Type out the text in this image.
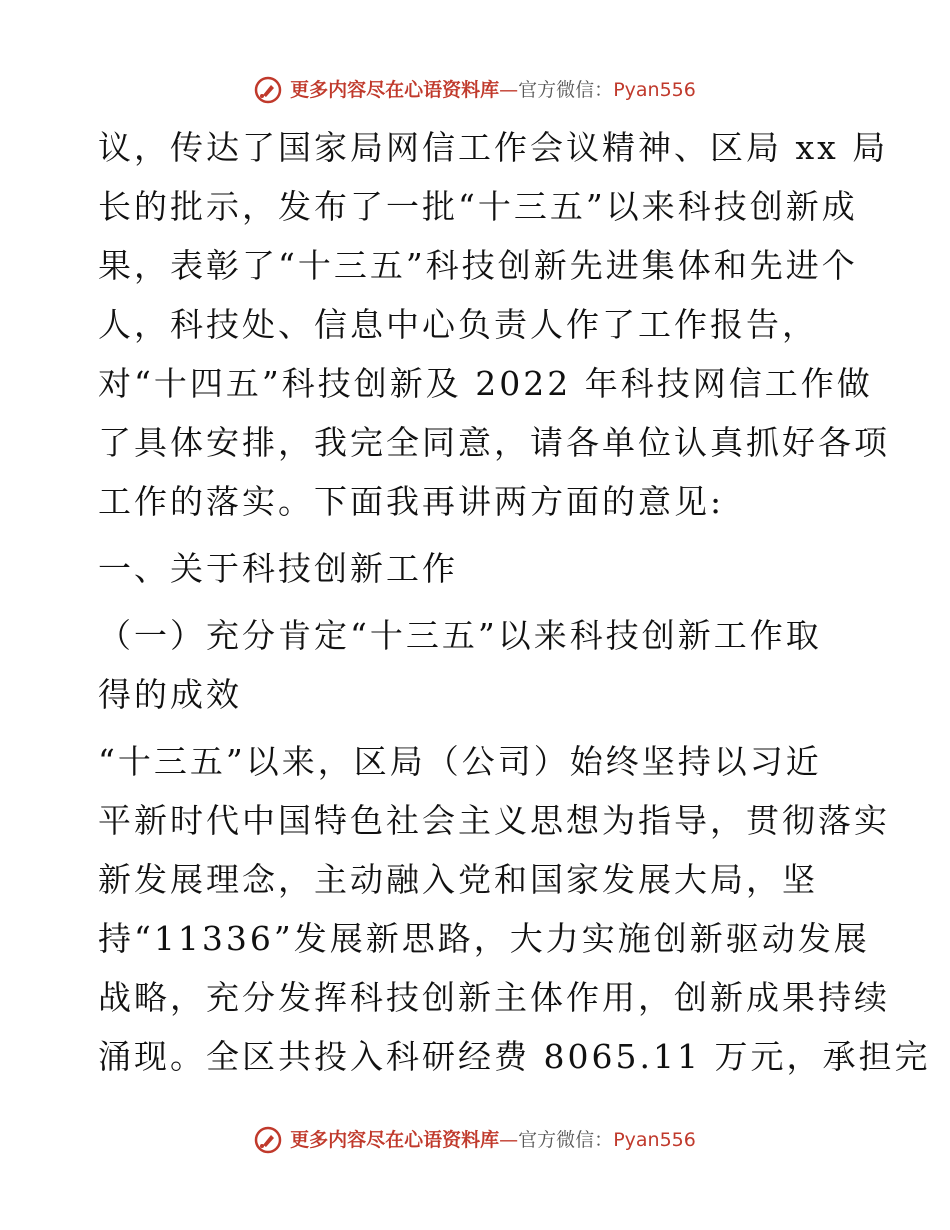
更多内容尽在心语资料库 — 官方微信： Pyan556
议，传达了国家局网信工作会议精神、区局 xx 局
长的批示，发布了一批“十三五”以来科技创新成
果，表彰了“十三五”科技创新先进集体和先进个
人，科技处、信息中心负责人作了工作报告，
对“十四五”科技创新及 2022 年科技网信工作做
了具体安排，我完全同意，请各单位认真抓好各项
工作的落实。下面我再讲两方面的意见:
一、关于科技创新工作
（一）充分肯定“十三五”以来科技创新工作取
得的成效
“十三五”以来，区局（公司）始终坚持以习近
平新时代中国特色社会主义思想为指导，贯彻落实
新发展理念，主动融入党和国家发展大局，坚
持“11336”发展新思路，大力实施创新驱动发展
战略，充分发挥科技创新主体作用，创新成果持续
涌现。全区共投入科研经费 8065.11 万元，承担完
更多内容尽在心语资料库 — 官方微信： Pyan556
